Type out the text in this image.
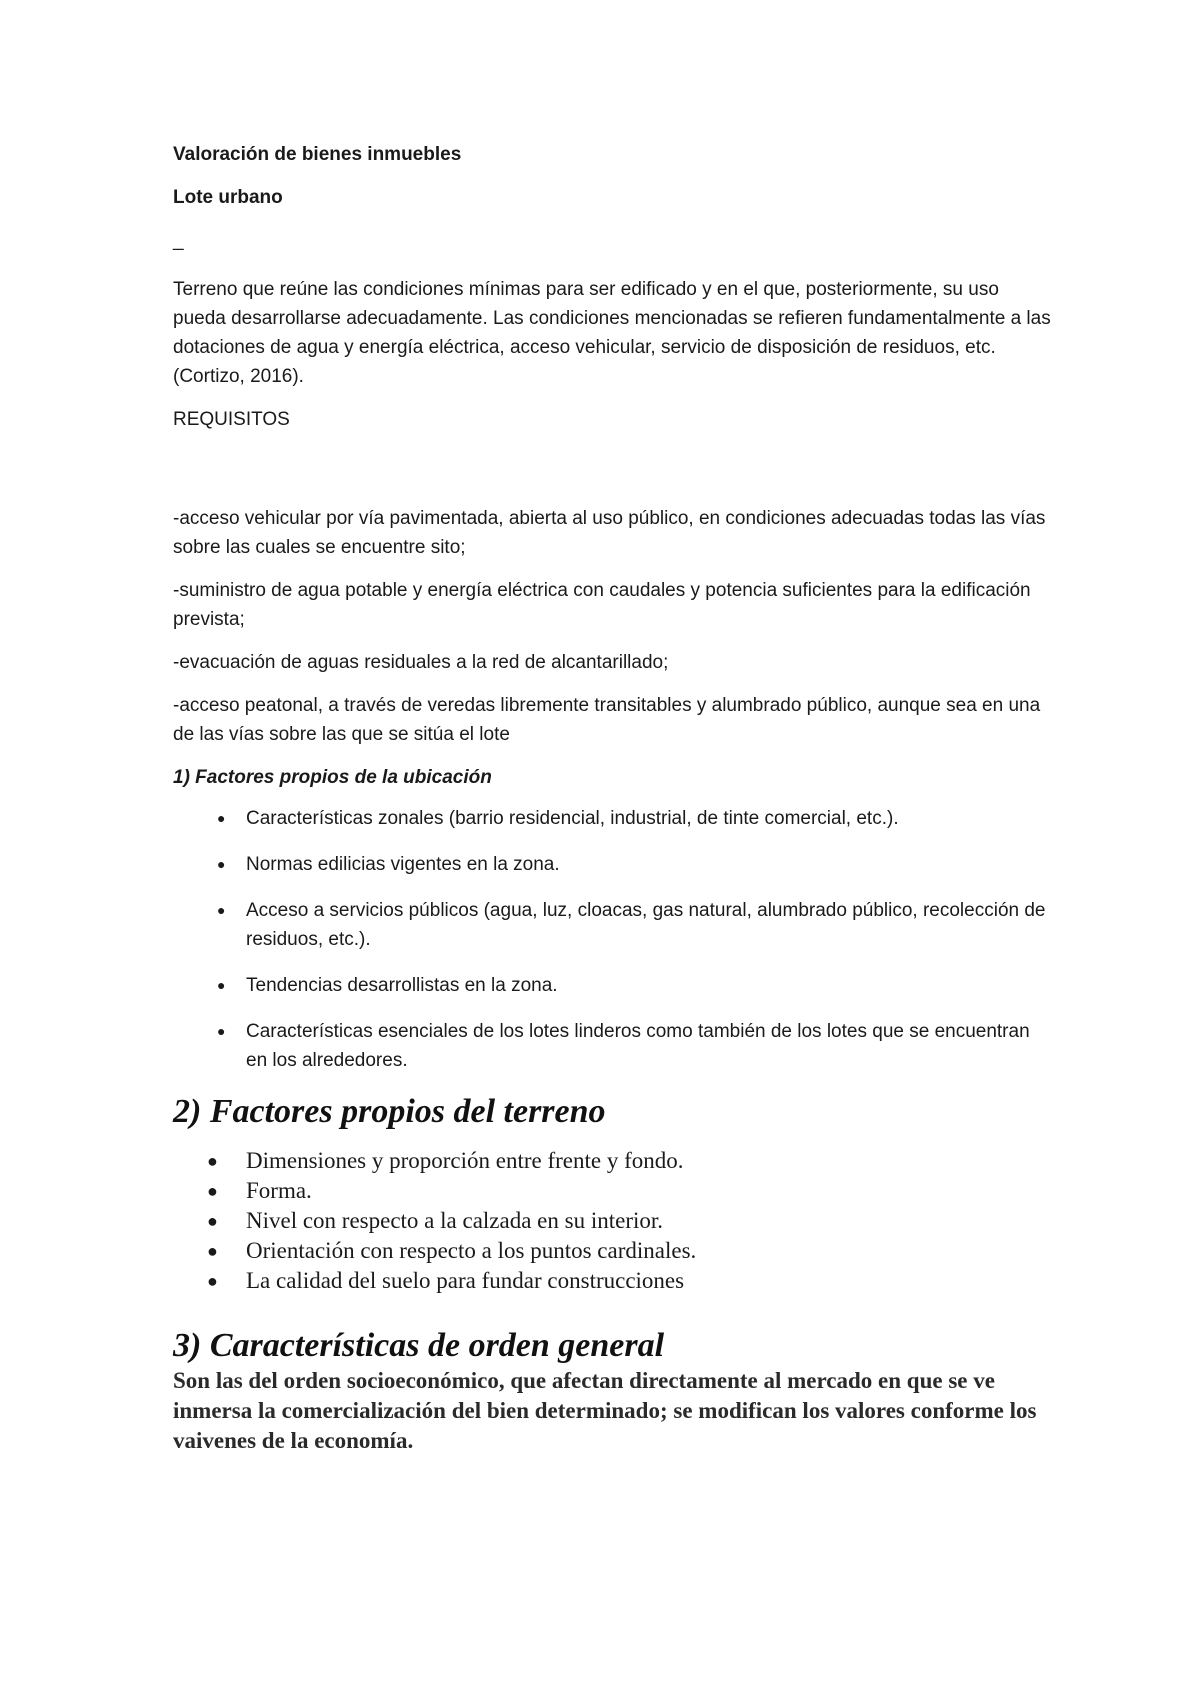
Valoración de bienes inmuebles
Lote urbano
_

Terreno que reúne las condiciones mínimas para ser edificado y en el que, posteriormente, su uso pueda desarrollarse adecuadamente. Las condiciones mencionadas se refieren fundamentalmente a las dotaciones de agua y energía eléctrica, acceso vehicular, servicio de disposición de residuos, etc. (Cortizo, 2016).

REQUISITOS

-acceso vehicular por vía pavimentada, abierta al uso público, en condiciones adecuadas todas las vías sobre las cuales se encuentre sito;

-suministro de agua potable y energía eléctrica con caudales y potencia suficientes para la edificación prevista;

-evacuación de aguas residuales a la red de alcantarillado;

-acceso peatonal, a través de veredas libremente transitables y alumbrado público, aunque sea en una de las vías sobre las que se sitúa el lote

1) Factores propios de la ubicación
● Características zonales (barrio residencial, industrial, de tinte comercial, etc.).
● Normas edilicias vigentes en la zona.
● Acceso a servicios públicos (agua, luz, cloacas, gas natural, alumbrado público, recolección de residuos, etc.).
● Tendencias desarrollistas en la zona.
● Características esenciales de los lotes linderos como también de los lotes que se encuentran en los alrededores.
2) Factores propios del terreno
● Dimensiones y proporción entre frente y fondo.
● Forma.
● Nivel con respecto a la calzada en su interior.
● Orientación con respecto a los puntos cardinales.
● La calidad del suelo para fundar construcciones
3) Características de orden general

Son las del orden socioeconómico, que afectan directamente al mercado en que se ve inmersa la comercialización del bien determinado; se modifican los valores conforme los vaivenes de la economía.
